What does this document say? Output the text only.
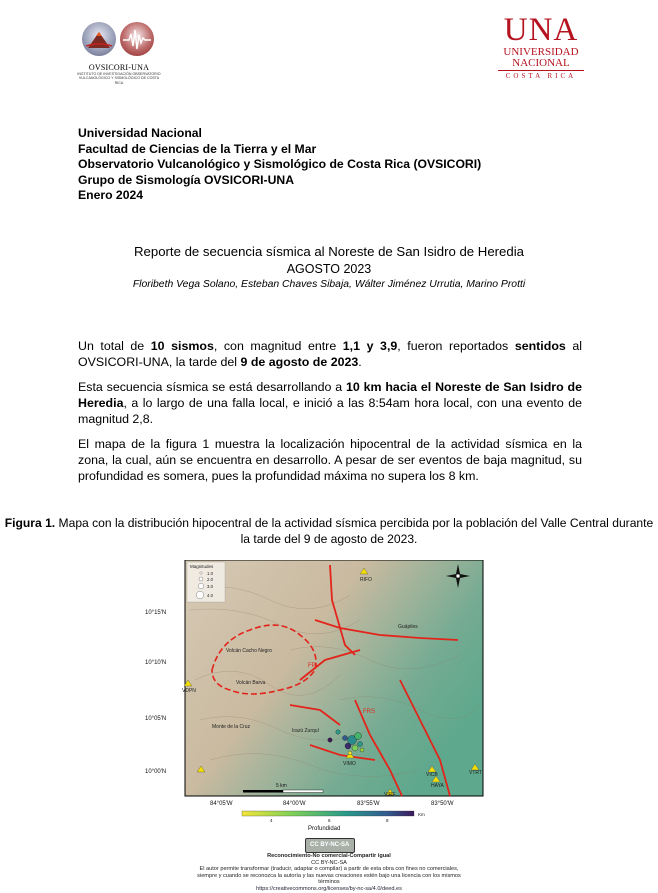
OVSICORI-UNA
INSTITUTO DE INVESTIGACIÓN OBSERVATORIO VULCANOLÓGICO Y SISMOLÓGICO DE COSTA RICA
UNA
UNIVERSIDAD
NACIONAL
COSTA RICA
Universidad Nacional
Facultad de Ciencias de la Tierra y el Mar
Observatorio Vulcanológico y Sismológico de Costa Rica (OVSICORI)
Grupo de Sismología OVSICORI-UNA
Enero 2024
Reporte de secuencia sísmica al Noreste de San Isidro de Heredia
AGOSTO 2023
Floribeth Vega Solano, Esteban Chaves Sibaja, Wálter Jiménez Urrutia, Marino Protti
Un total de 10 sismos, con magnitud entre 1,1 y 3,9, fueron reportados sentidos al OVSICORI-UNA, la tarde del 9 de agosto de 2023.
Esta secuencia sísmica se está desarrollando a 10 km hacia el Noreste de San Isidro de Heredia, a lo largo de una falla local, e inició a las 8:54am hora local, con una evento de magnitud 2,8.
El mapa de la figura 1 muestra la localización hipocentral de la actividad sísmica en la zona, la cual, aún se encuentra en desarrollo. A pesar de ser eventos de baja magnitud, su profundidad es somera, pues la profundidad máxima no supera los 8 km.
Figura 1. Mapa con la distribución hipocentral de la actividad sísmica percibida por la población del Valle Central durante la tarde del 9 de agosto de 2023.
FP
FRS
Volcán Cacho Negro
Volcán Barva
Monte de la Cruz
Irazú Zurquí
Guápiles
RIFO
VDPN
VIMO
VICB
HAYA
VTRT
VIRE
Magnitudes
1.0
2.0
3.0
4.0
5 km
10°15'N
10°10'N
10°05'N
10°00'N
84°05'W	84°00'W	83°55'W	83°50'W
4	6	8
Km
Profundidad
CC BY-NC-SA
Reconocimiento-No comercial-Compartir igual
CC BY-NC-SA
El autor permite transformar (traducir, adaptar o compilar) a partir de esta obra con fines no comerciales,
siempre y cuando se reconozca la autoría y las nuevas creaciones estén bajo una licencia con los mismos
términos
https://creativecommons.org/licenses/by-nc-sa/4.0/deed.es
